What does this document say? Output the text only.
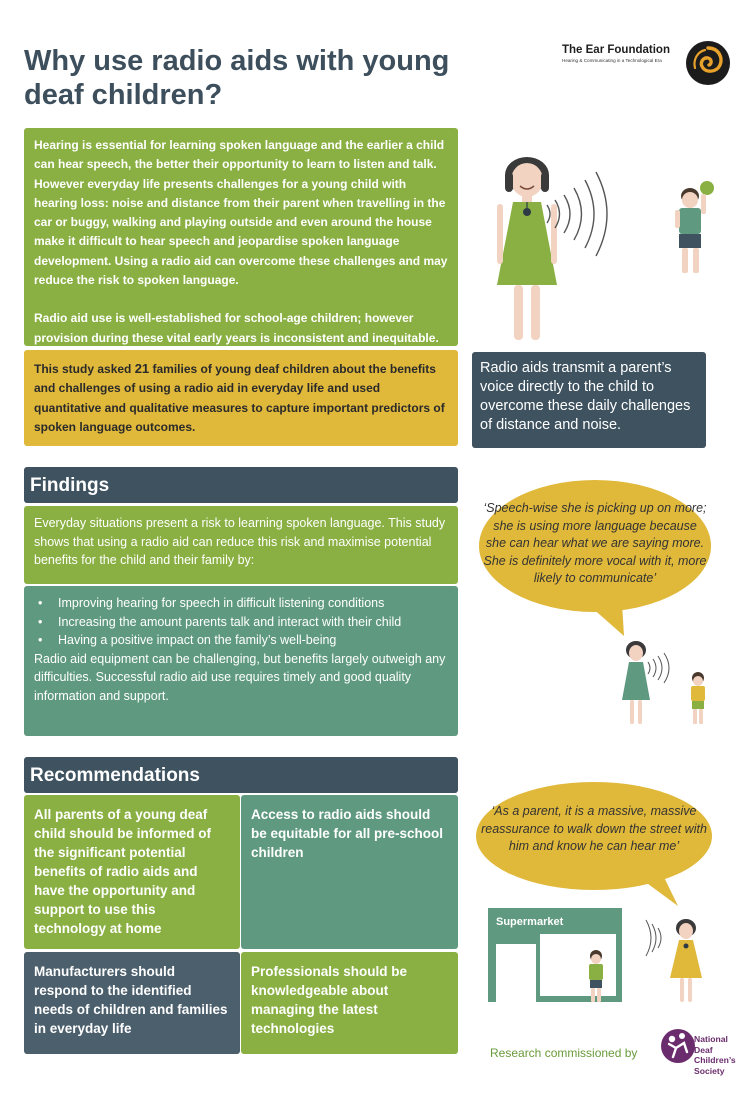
Why use radio aids with young deaf children?
The Ear Foundation
Hearing & Communicating in a Technological Era

Hearing is essential for learning spoken language and the earlier a child can hear speech, the better their opportunity to learn to listen and talk. However everyday life presents challenges for a young child with hearing loss: noise and distance from their parent when travelling in the car or buggy, walking and playing outside and even around the house make it difficult to hear speech and jeopardise spoken language development. Using a radio aid can overcome these challenges and may reduce the risk to spoken language.

Radio aid use is well-established for school-age children; however provision during these vital early years is inconsistent and inequitable.

This study asked 21 families of young deaf children about the benefits and challenges of using a radio aid in everyday life and used quantitative and qualitative measures to capture important predictors of spoken language outcomes.
Radio aids transmit a parent’s voice directly to the child to overcome these daily challenges of distance and noise.
Findings
Everyday situations present a risk to learning spoken language. This study shows that using a radio aid can reduce this risk and maximise potential benefits for the child and their family by:
• Improving hearing for speech in difficult listening conditions
• Increasing the amount parents talk and interact with their child
• Having a positive impact on the family’s well-being

Radio aid equipment can be challenging, but benefits largely outweigh any difficulties. Successful radio aid use requires timely and good quality information and support.

‘Speech-wise she is picking up on more; she is using more language because she can hear what we are saying more. She is definitely more vocal with it, more likely to communicate’
Recommendations
All parents of a young deaf child should be informed of the significant potential benefits of radio aids and have the opportunity and support to use this technology at home
Access to radio aids should be equitable for all pre-school children
Manufacturers should respond to the identified needs of children and families in everyday life
Professionals should be knowledgeable about managing the latest technologies
‘As a parent, it is a massive, massive reassurance to walk down the street with him and know he can hear me’
Supermarket
Research commissioned by
National Deaf Children’s Society
